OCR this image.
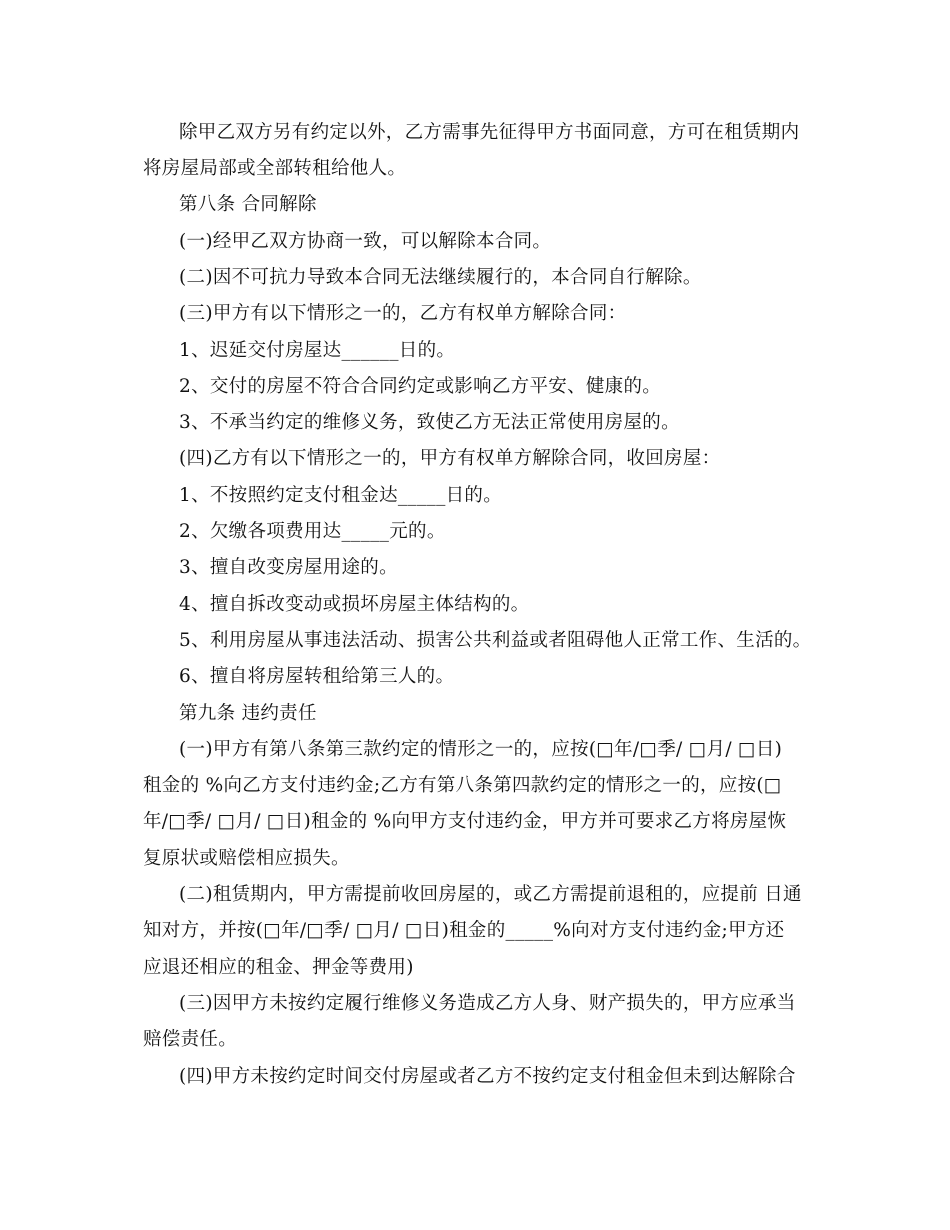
除甲乙双方另有约定以外，乙方需事先征得甲方书面同意，方可在租赁期内
将房屋局部或全部转租给他人。
第八条 合同解除
(一)经甲乙双方协商一致，可以解除本合同。
(二)因不可抗力导致本合同无法继续履行的，本合同自行解除。
(三)甲方有以下情形之一的，乙方有权单方解除合同：
1、迟延交付房屋达______日的。
2、交付的房屋不符合合同约定或影响乙方平安、健康的。
3、不承当约定的维修义务，致使乙方无法正常使用房屋的。
(四)乙方有以下情形之一的，甲方有权单方解除合同，收回房屋：
1、不按照约定支付租金达_____日的。
2、欠缴各项费用达_____元的。
3、擅自改变房屋用途的。
4、擅自拆改变动或损坏房屋主体结构的。
5、利用房屋从事违法活动、损害公共利益或者阻碍他人正常工作、生活的。
6、擅自将房屋转租给第三人的。
第九条 违约责任
(一)甲方有第八条第三款约定的情形之一的，应按(□年/□季/ □月/ □日)
租金的 %向乙方支付违约金;乙方有第八条第四款约定的情形之一的，应按(□
年/□季/ □月/ □日)租金的 %向甲方支付违约金，甲方并可要求乙方将房屋恢
复原状或赔偿相应损失。
(二)租赁期内，甲方需提前收回房屋的，或乙方需提前退租的，应提前 日通
知对方，并按(□年/□季/ □月/ □日)租金的_____%向对方支付违约金;甲方还
应退还相应的租金、押金等费用)
(三)因甲方未按约定履行维修义务造成乙方人身、财产损失的，甲方应承当
赔偿责任。
(四)甲方未按约定时间交付房屋或者乙方不按约定支付租金但未到达解除合
